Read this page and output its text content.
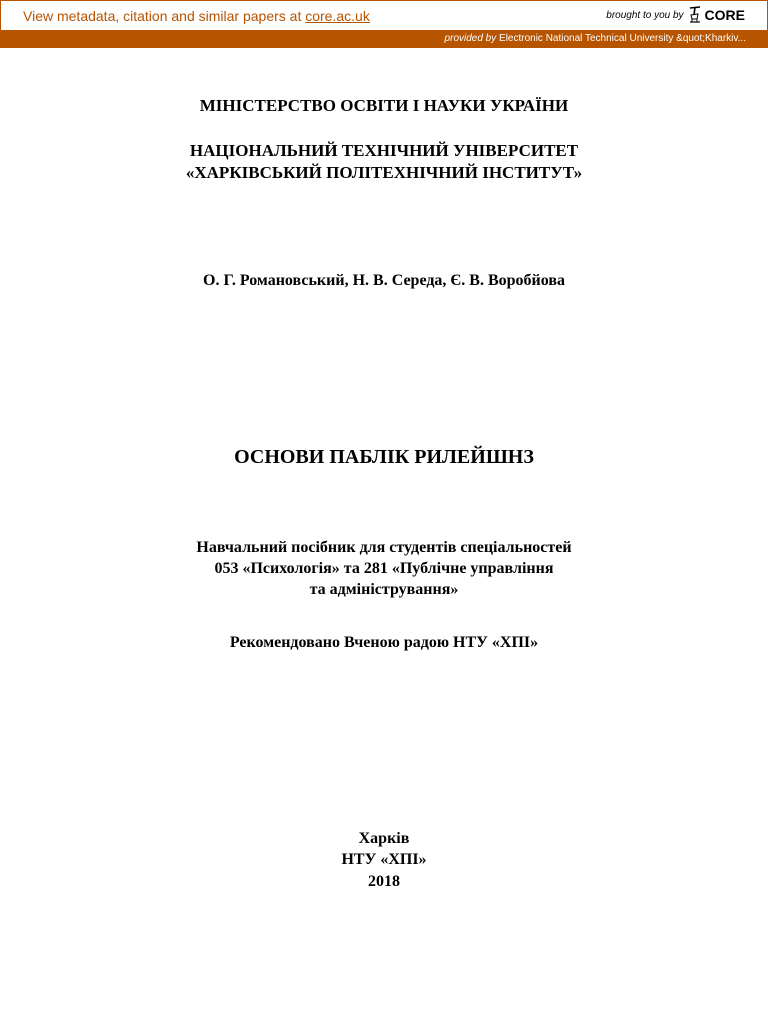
View metadata, citation and similar papers at core.ac.uk	brought to you by CORE
provided by Electronic National Technical University &quot;Kharkiv...
МІНІСТЕРСТВО ОСВІТИ І НАУКИ УКРАЇНИ
НАЦІОНАЛЬНИЙ ТЕХНІЧНИЙ УНІВЕРСИТЕТ
«ХАРКІВСЬКИЙ ПОЛІТЕХНІЧНИЙ ІНСТИТУТ»
О. Г. Романовський, Н. В. Середа, Є. В. Воробйова
ОСНОВИ ПАБЛІК РИЛЕЙШНЗ
Навчальний посібник для студентів спеціальностей
053 «Психологія» та 281 «Публічне управління
та адміністрування»
Рекомендовано Вченою радою НТУ «ХПІ»
Харків
НТУ «ХПІ»
2018
